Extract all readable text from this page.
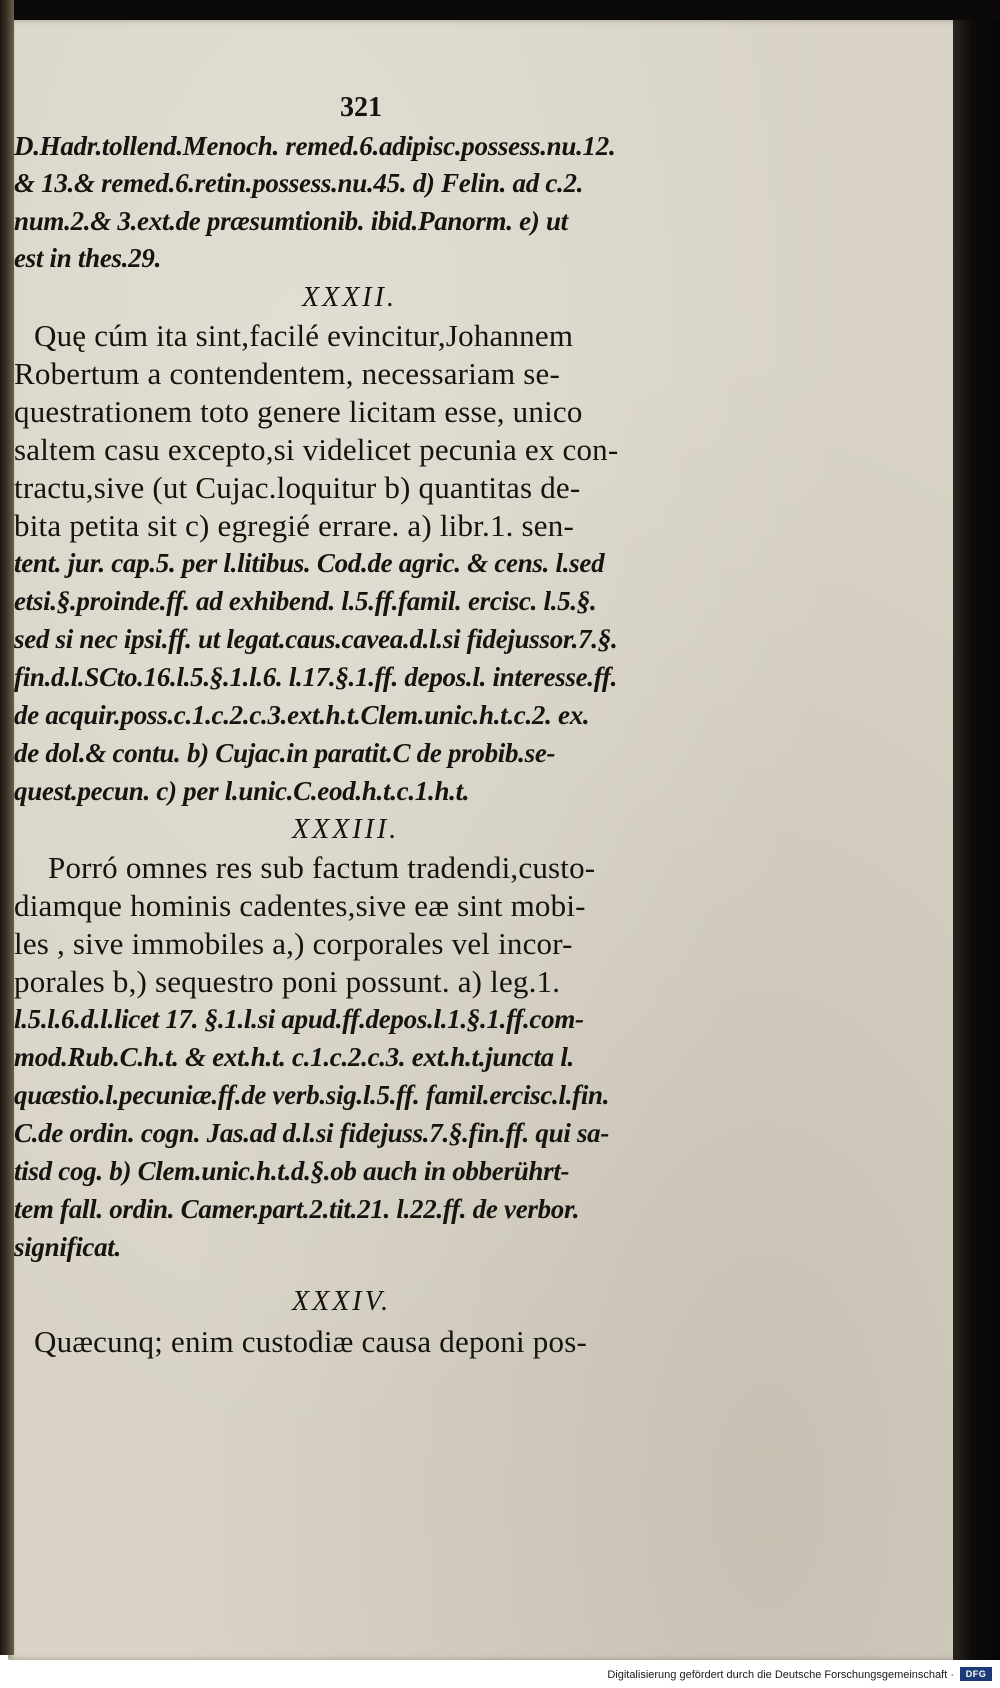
321
D.Hadr.tollend.Menoch. remed.6.adipisc.possess.nu.12.
& 13.& remed.6.retin.possess.nu.45. d) Felin. ad c.2.
num.2.& 3.ext.de præsumtionib. ibid.Panorm. e) ut
est in thes.29.
XXXII.
Quę cúm ita sint,facilé evincitur,Johannem
Robertum a contendentem, necessariam se-
questrationem toto genere licitam esse, unico
saltem casu excepto,si videlicet pecunia ex con-
tractu,sive (ut Cujac.loquitur b) quantitas de-
bita petita sit c) egregié errare. a) libr.1. sen-
tent. jur. cap.5. per l.litibus. Cod.de agric. & cens. l.sed
etsi.§.proinde.ff. ad exhibend. l.5.ff.famil. ercisc. l.5.§.
sed si nec ipsi.ff. ut legat.caus.cavea.d.l.si fidejussor.7.§.
fin.d.l.SCto.16.l.5.§.1.l.6. l.17.§.1.ff. depos.l. interesse.ff.
de acquir.poss.c.1.c.2.c.3.ext.h.t.Clem.unic.h.t.c.2. ex.
de dol.& contu. b) Cujac.in paratit.C de probib.se-
quest.pecun. c) per l.unic.C.eod.h.t.c.1.h.t.
XXXIII.
Porró omnes res sub factum tradendi,custo-
diamque hominis cadentes,sive eæ sint mobi-
les , sive immobiles a,) corporales vel incor-
porales b,) sequestro poni possunt. a) leg.1.
l.5.l.6.d.l.licet 17. §.1.l.si apud.ff.depos.l.1.§.1.ff.com-
mod.Rub.C.h.t. & ext.h.t. c.1.c.2.c.3. ext.h.t.juncta l.
quæstio.l.pecuniæ.ff.de verb.sig.l.5.ff. famil.ercisc.l.fin.
C.de ordin. cogn. Jas.ad d.l.si fidejuss.7.§.fin.ff. qui sa-
tisd cog. b) Clem.unic.h.t.d.§.ob auch in obberührt-
tem fall. ordin. Camer.part.2.tit.21. l.22.ff. de verbor.
significat.
XXXIV.
Quæcunq; enim custodiæ causa deponi pos-
Digitalisierung gefördert durch die Deutsche Forschungsgemeinschaft ·	DFG
